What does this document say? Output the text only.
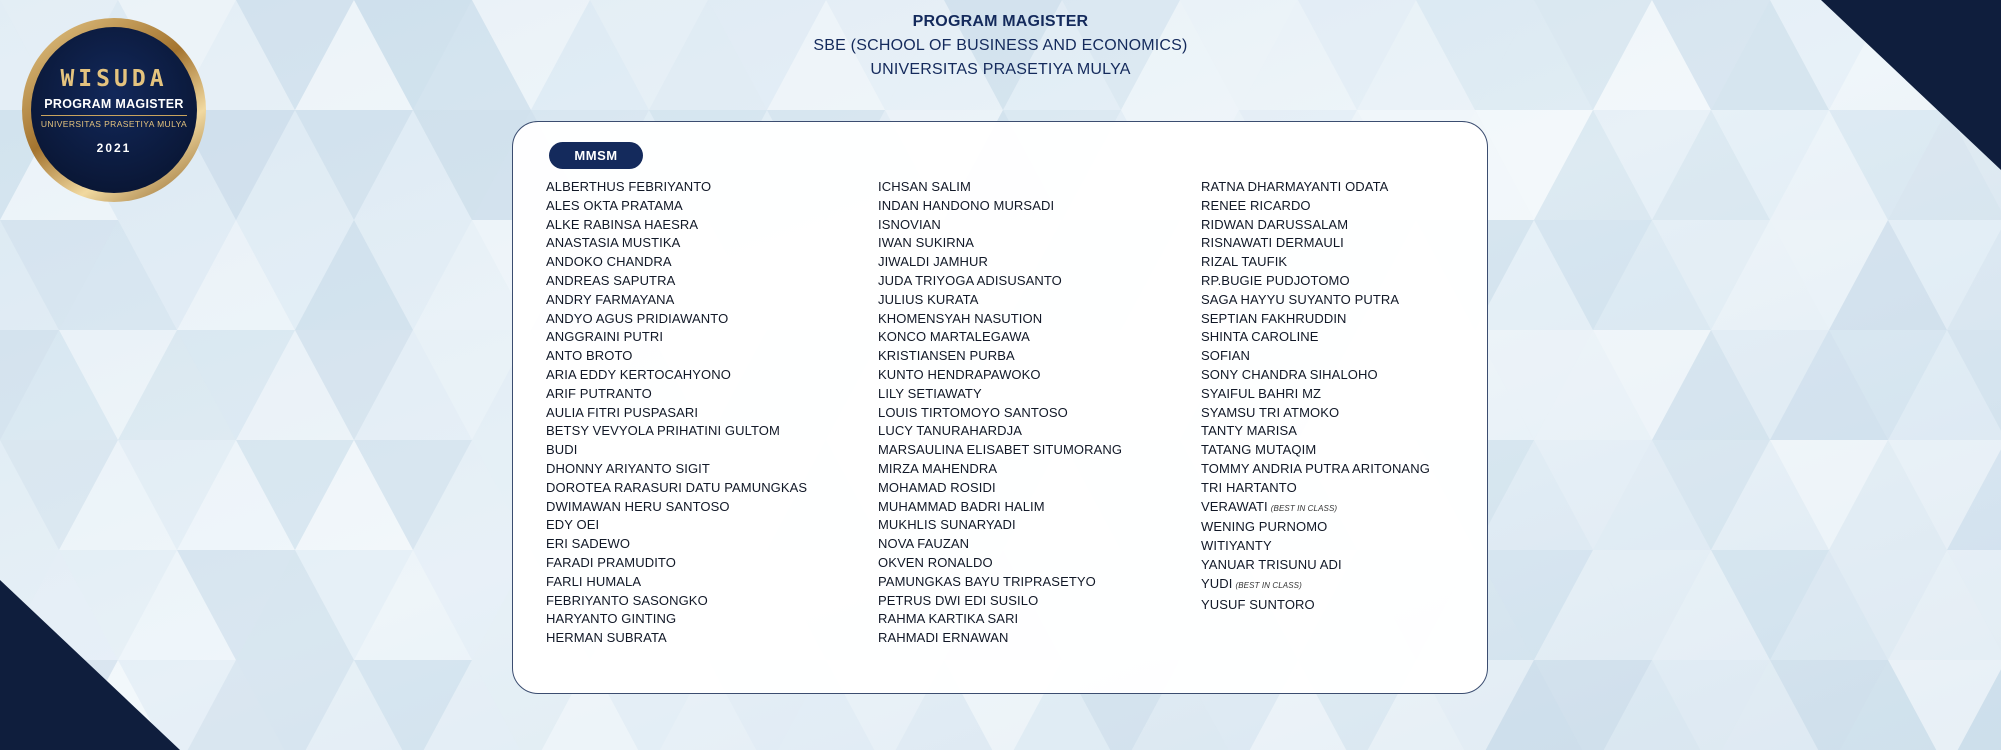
WISUDA
PROGRAM MAGISTER
UNIVERSITAS PRASETIYA MULYA
2021
PROGRAM MAGISTER
SBE (SCHOOL OF BUSINESS AND ECONOMICS)
UNIVERSITAS PRASETIYA MULYA
MMSM
ALBERTHUS FEBRIYANTO
ALES OKTA PRATAMA
ALKE RABINSA HAESRA
ANASTASIA MUSTIKA
ANDOKO CHANDRA
ANDREAS SAPUTRA
ANDRY FARMAYANA
ANDYO AGUS PRIDIAWANTO
ANGGRAINI PUTRI
ANTO BROTO
ARIA EDDY KERTOCAHYONO
ARIF PUTRANTO
AULIA FITRI PUSPASARI
BETSY VEVYOLA PRIHATINI GULTOM
BUDI
DHONNY ARIYANTO SIGIT
DOROTEA RARASURI DATU PAMUNGKAS
DWIMAWAN HERU SANTOSO
EDY OEI
ERI SADEWO
FARADI PRAMUDITO
FARLI HUMALA
FEBRIYANTO SASONGKO
HARYANTO GINTING
HERMAN SUBRATA
ICHSAN SALIM
INDAN HANDONO MURSADI
ISNOVIAN
IWAN SUKIRNA
JIWALDI JAMHUR
JUDA TRIYOGA ADISUSANTO
JULIUS KURATA
KHOMENSYAH NASUTION
KONCO MARTALEGAWA
KRISTIANSEN PURBA
KUNTO HENDRAPAWOKO
LILY SETIAWATY
LOUIS TIRTOMOYO SANTOSO
LUCY TANURAHARDJA
MARSAULINA ELISABET SITUMORANG
MIRZA MAHENDRA
MOHAMAD ROSIDI
MUHAMMAD BADRI HALIM
MUKHLIS SUNARYADI
NOVA FAUZAN
OKVEN RONALDO
PAMUNGKAS BAYU TRIPRASETYO
PETRUS DWI EDI SUSILO
RAHMA KARTIKA SARI
RAHMADI ERNAWAN
RATNA DHARMAYANTI ODATA
RENEE RICARDO
RIDWAN DARUSSALAM
RISNAWATI DERMAULI
RIZAL TAUFIK
RP.BUGIE PUDJOTOMO
SAGA HAYYU SUYANTO PUTRA
SEPTIAN FAKHRUDDIN
SHINTA CAROLINE
SOFIAN
SONY CHANDRA SIHALOHO
SYAIFUL BAHRI MZ
SYAMSU TRI ATMOKO
TANTY MARISA
TATANG MUTAQIM
TOMMY ANDRIA PUTRA ARITONANG
TRI HARTANTO
VERAWATI (BEST IN CLASS)
WENING PURNOMO
WITIYANTY
YANUAR TRISUNU ADI
YUDI (BEST IN CLASS)
YUSUF SUNTORO
